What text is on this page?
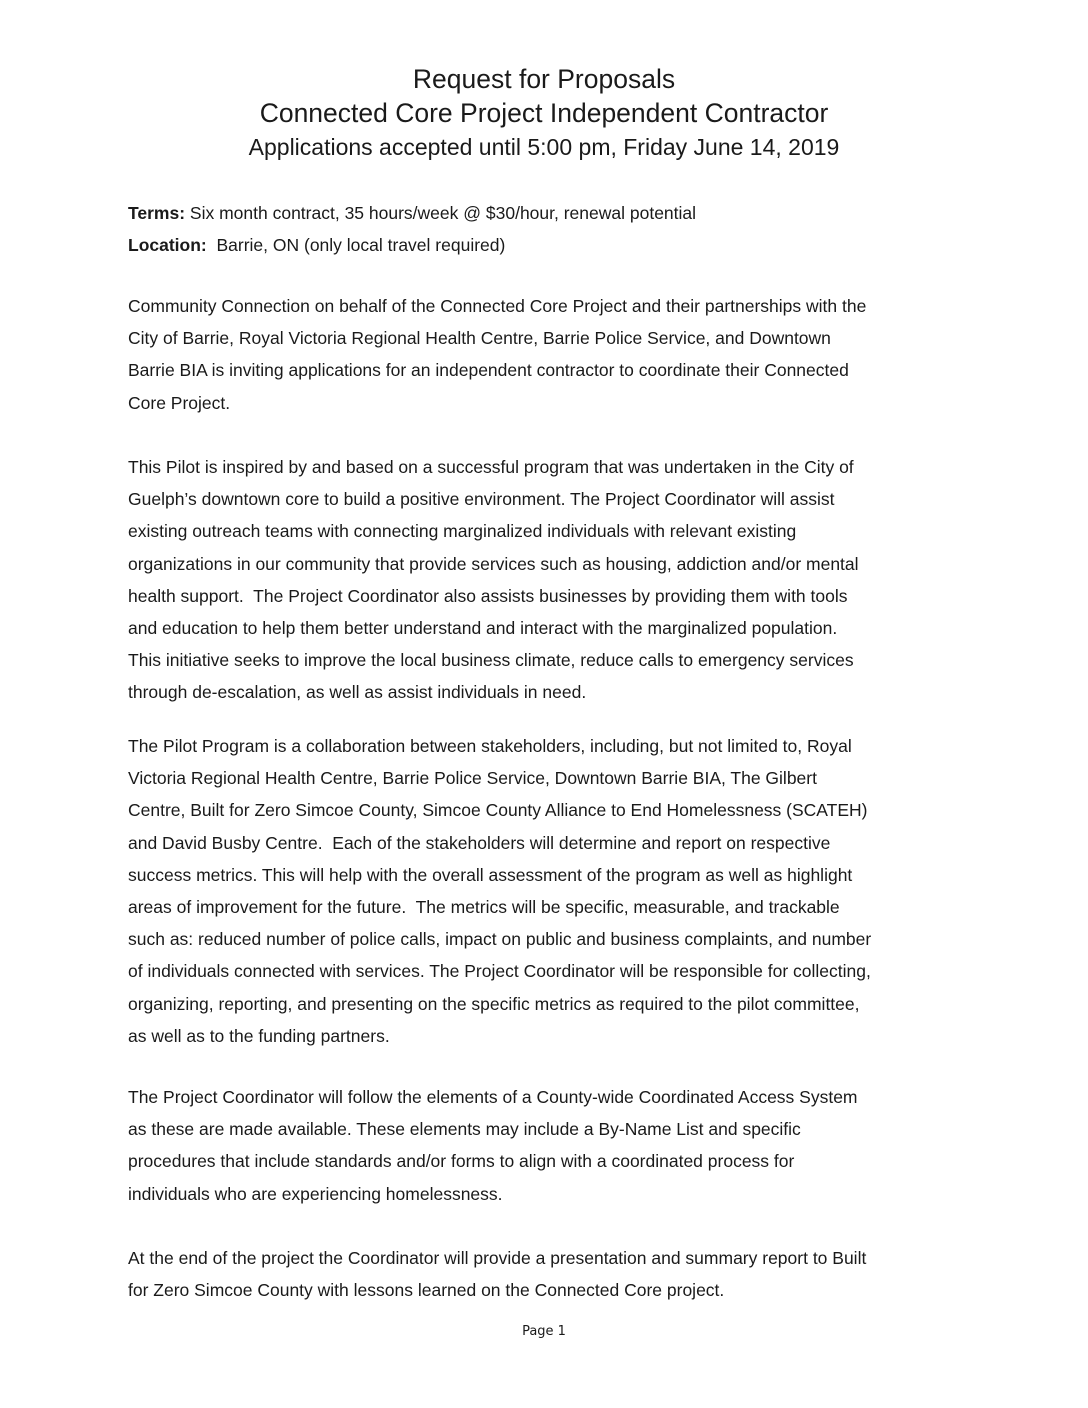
Request for Proposals
Connected Core Project Independent Contractor
Applications accepted until 5:00 pm, Friday June 14, 2019
Terms: Six month contract, 35 hours/week @ $30/hour, renewal potential
Location:  Barrie, ON (only local travel required)
Community Connection on behalf of the Connected Core Project and their partnerships with the
City of Barrie, Royal Victoria Regional Health Centre, Barrie Police Service, and Downtown
Barrie BIA is inviting applications for an independent contractor to coordinate their Connected
Core Project.
This Pilot is inspired by and based on a successful program that was undertaken in the City of
Guelph’s downtown core to build a positive environment. The Project Coordinator will assist
existing outreach teams with connecting marginalized individuals with relevant existing
organizations in our community that provide services such as housing, addiction and/or mental
health support.  The Project Coordinator also assists businesses by providing them with tools
and education to help them better understand and interact with the marginalized population.
This initiative seeks to improve the local business climate, reduce calls to emergency services
through de-escalation, as well as assist individuals in need.
The Pilot Program is a collaboration between stakeholders, including, but not limited to, Royal
Victoria Regional Health Centre, Barrie Police Service, Downtown Barrie BIA, The Gilbert
Centre, Built for Zero Simcoe County, Simcoe County Alliance to End Homelessness (SCATEH)
and David Busby Centre.  Each of the stakeholders will determine and report on respective
success metrics. This will help with the overall assessment of the program as well as highlight
areas of improvement for the future.  The metrics will be specific, measurable, and trackable
such as: reduced number of police calls, impact on public and business complaints, and number
of individuals connected with services. The Project Coordinator will be responsible for collecting,
organizing, reporting, and presenting on the specific metrics as required to the pilot committee,
as well as to the funding partners.
The Project Coordinator will follow the elements of a County-wide Coordinated Access System
as these are made available. These elements may include a By-Name List and specific
procedures that include standards and/or forms to align with a coordinated process for
individuals who are experiencing homelessness.
At the end of the project the Coordinator will provide a presentation and summary report to Built
for Zero Simcoe County with lessons learned on the Connected Core project.
Page 1
